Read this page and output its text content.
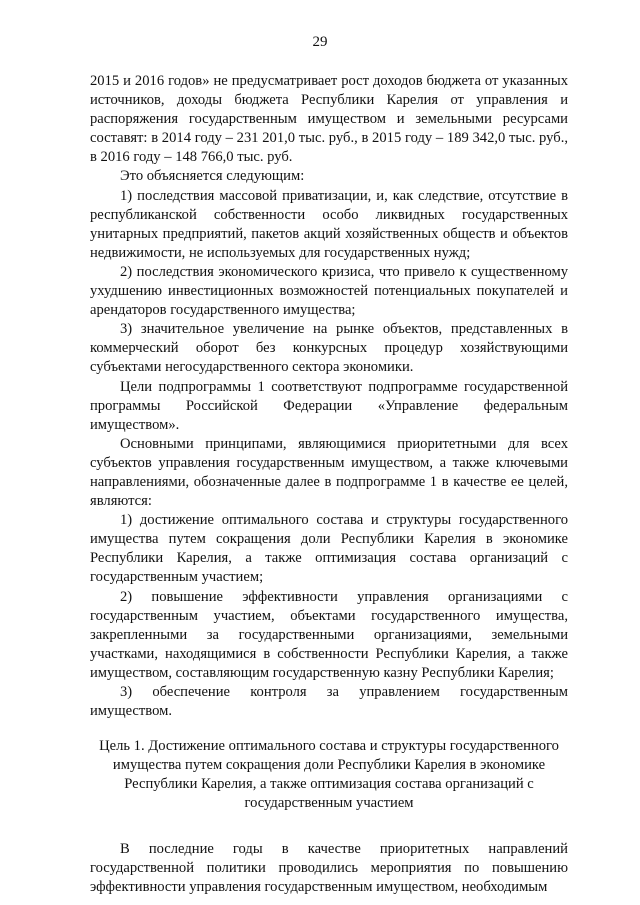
29

2015 и 2016 годов» не предусматривает рост доходов бюджета от указанных источников, доходы бюджета Республики Карелия от управления и распоряжения государственным имуществом и земельными ресурсами составят: в 2014 году – 231 201,0 тыс. руб., в 2015 году – 189 342,0 тыс. руб., в 2016 году – 148 766,0 тыс. руб.

Это объясняется следующим:

1) последствия массовой приватизации, и, как следствие, отсутствие в республиканской собственности особо ликвидных государственных унитарных предприятий, пакетов акций хозяйственных обществ и объектов недвижимости, не используемых для государственных нужд;

2) последствия экономического кризиса, что привело к существенному ухудшению инвестиционных возможностей потенциальных покупателей и арендаторов государственного имущества;

3) значительное увеличение на рынке объектов, представленных в коммерческий оборот без конкурсных процедур хозяйствующими субъектами негосударственного сектора экономики.

Цели подпрограммы 1 соответствуют подпрограмме государственной программы Российской Федерации «Управление федеральным имуществом».

Основными принципами, являющимися приоритетными для всех субъектов управления государственным имуществом, а также ключевыми направлениями, обозначенные далее в подпрограмме 1 в качестве ее целей, являются:

1) достижение оптимального состава и структуры государственного имущества путем сокращения доли Республики Карелия в экономике Республики Карелия, а также оптимизация состава организаций с государственным участием;

2) повышение эффективности управления организациями с государственным участием, объектами государственного имущества, закрепленными за государственными организациями, земельными участками, находящимися в собственности Республики Карелия, а также имуществом, составляющим государственную казну Республики Карелия;

3) обеспечение контроля за управлением государственным имуществом.

Цель 1. Достижение оптимального состава и структуры государственного имущества путем сокращения доли Республики Карелия в экономике Республики Карелия, а также оптимизация состава организаций с государственным участием

В последние годы в качестве приоритетных направлений государственной политики проводились мероприятия по повышению эффективности управления государственным имуществом, необходимым
